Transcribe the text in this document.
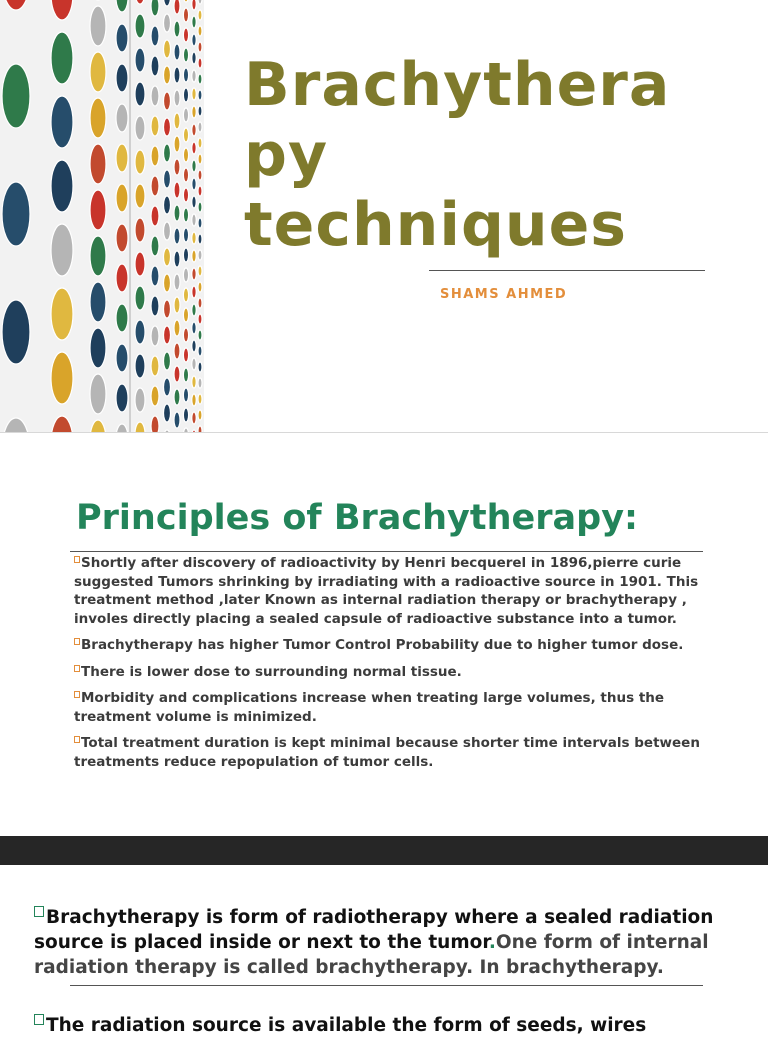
Brachythera py techniques
SHAMS AHMED
Principles of Brachytherapy:
Shortly after discovery of radioactivity by Henri becquerel in 1896,pierre curie suggested Tumors shrinking by irradiating with a radioactive source in 1901. This treatment method ,later Known as internal radiation therapy or brachytherapy , involes directly placing a sealed capsule of radioactive substance into a tumor.
Brachytherapy has higher Tumor Control Probability due to higher tumor dose.
There is lower dose to surrounding normal tissue.
Morbidity and complications increase when treating large volumes, thus the treatment volume is minimized.
Total treatment duration is kept minimal because shorter time intervals between treatments reduce repopulation of tumor cells.

Brachytherapy is form of radiotherapy where a sealed radiation source is placed inside or next to the tumor.One form of internal radiation therapy is called brachytherapy. In brachytherapy.

The radiation source is available the form of seeds, wires
